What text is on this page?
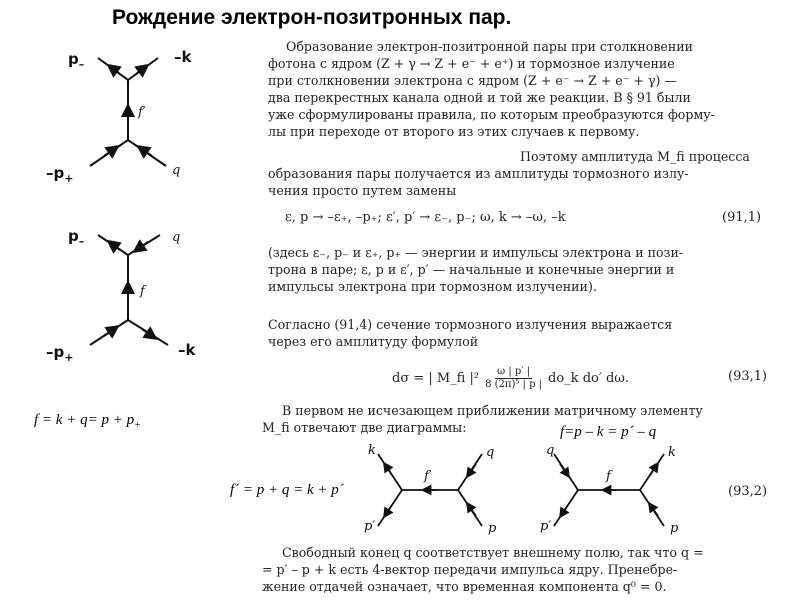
Рождение электрон-позитронных пар.
$p_-$	–k
f′
$-p_+$
q
$p_-$	q
f
$-p_+$	–k
Образование электрон-позитронной пары при столкновении
фотона с ядром (Z + γ → Z + e⁻ + e⁺) и тормозное излучение
при столкновении электрона с ядром (Z + e⁻ → Z + e⁻ + γ) —
два перекрестных канала одной и той же реакции. В § 91 были
уже сформулированы правила, по которым преобразуются форму-
лы при переходе от второго из этих случаев к первому.
Поэтому амплитуда M_fi процесса
образования пары получается из амплитуды тормозного излу-
чения просто путем замены
ε, p → –ε₊, –p₊; ε′, p′ → ε₋, p₋; ω, k → –ω, –k	(91,1)
(здесь ε₋, p₋ и ε₊, p₊ — энергии и импульсы электрона и пози-
трона в паре; ε, p и ε′, p′ — начальные и конечные энергии и
импульсы электрона при тормозном излучении).
Согласно (91,4) сечение тормозного излучения выражается
через его амплитуду формулой
dσ = | M_fi $|^2 \frac{\omega | p' |}{\text{8 (2π)⁵ | p |}}$ do_k do′ dω.	(93,1)
В первом не исчезающем приближении матричному элементу
M_fi отвечают две диаграммы:
$f = k + q= p + p_+$	f=p – k = p´ – q
f´ = p + q = k + p´
k
f′
q
p′	p
q
f
k
p′	p
(93,2)
Свободный конец q соответствует внешнему полю, так что q =
= p′ – p + k есть 4-вектор передачи импульса ядру. Пренебре-
жение отдачей означает, что временная компонента q⁰ = 0.
